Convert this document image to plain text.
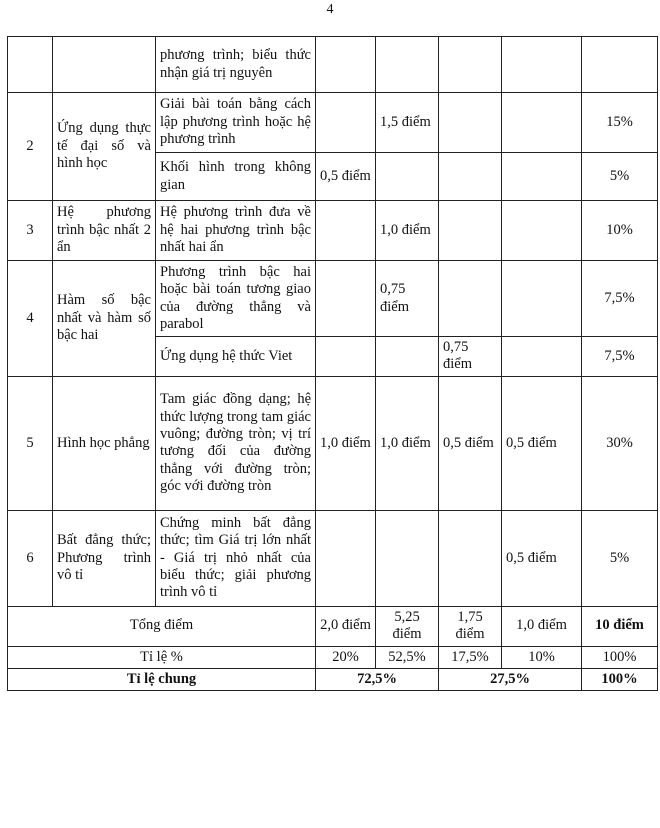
4
		phương trình; biểu thức nhận giá trị nguyên					
2	Ứng dụng thực tế đại số và hình học	Giải bài toán bằng cách lập phương trình hoặc hệ phương trình		1,5 điểm			15%
		Khối hình trong không gian	0,5 điểm				5%
3	Hệ phương trình bậc nhất 2 ẩn	Hệ phương trình đưa về hệ hai phương trình bậc nhất hai ẩn		1,0 điểm			10%
4	Hàm số bậc nhất và hàm số bậc hai	Phương trình bậc hai hoặc bài toán tương giao của đường thẳng và parabol		0,75 điểm			7,5%
		Ứng dụng hệ thức Viet			0,75 điểm		7,5%
5	Hình học phẳng	Tam giác đồng dạng; hệ thức lượng trong tam giác vuông; đường tròn; vị trí tương đối của đường thẳng với đường tròn; góc với đường tròn	1,0 điểm	1,0 điểm	0,5 điểm	0,5 điểm	30%
6	Bất đẳng thức; Phương trình vô tỉ	Chứng minh bất đẳng thức; tìm Giá trị lớn nhất - Giá trị nhỏ nhất của biểu thức; giải phương trình vô tỉ				0,5 điểm	5%
Tổng điểm			2,0 điểm	5,25 điểm	1,75 điểm	1,0 điểm	10 điểm
Tỉ lệ %			20%	52,5%	17,5%	10%	100%
Tỉ lệ chung			72,5%		27,5%		100%
